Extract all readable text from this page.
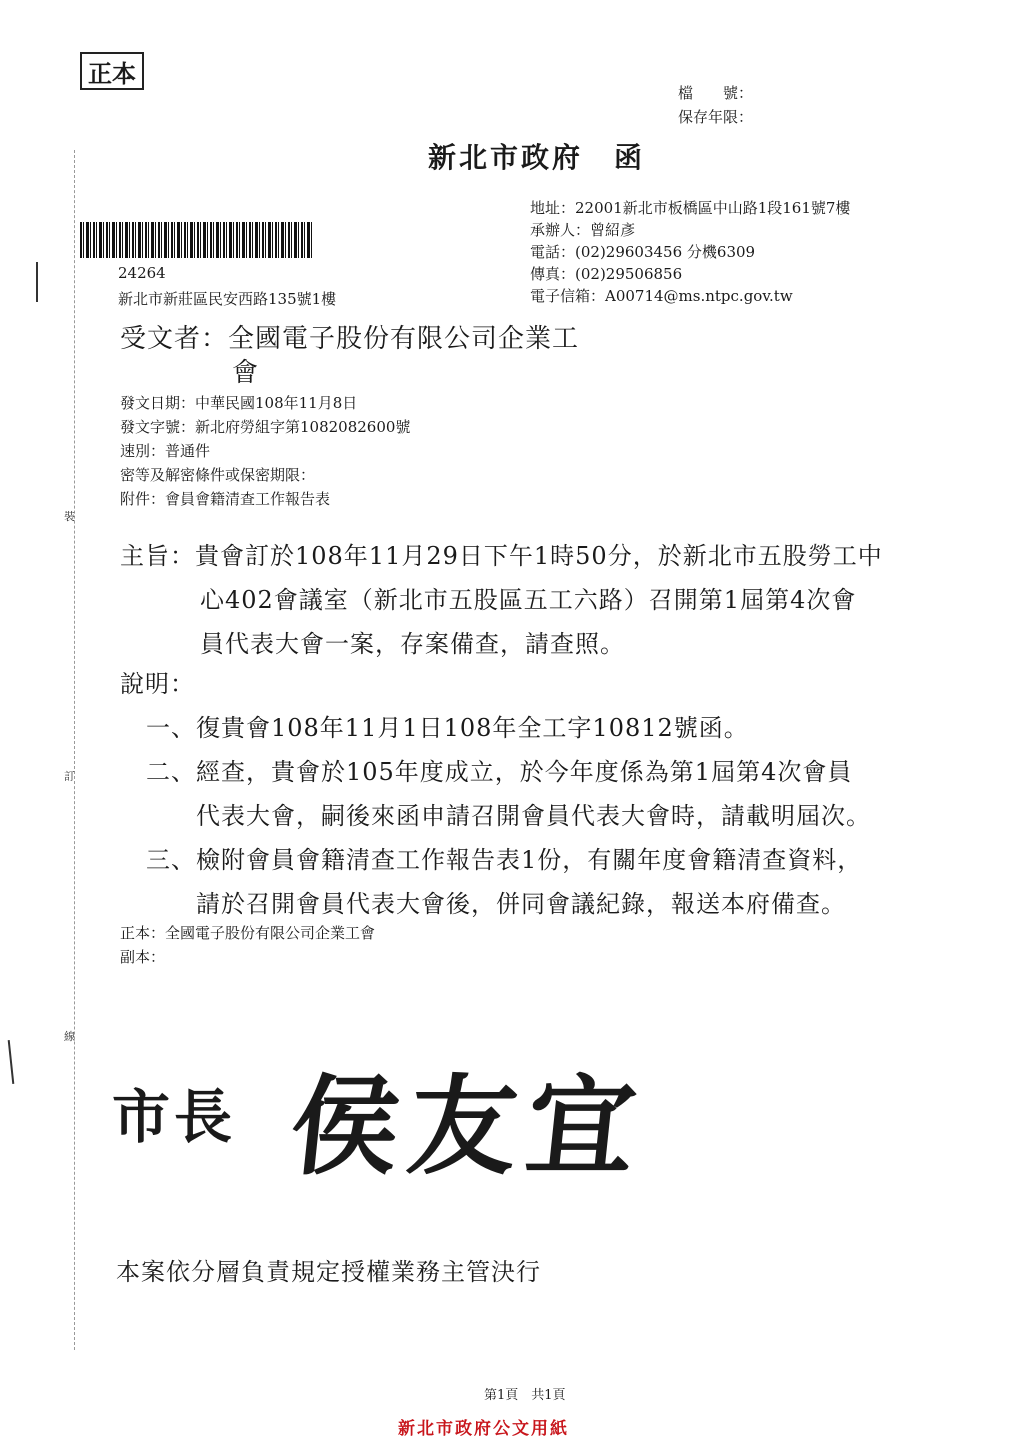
裝
訂
線
正本
檔　　號：
保存年限：
新北市政府　函
地址：22001新北市板橋區中山路1段161號7樓
承辦人：曾紹彥
電話：(02)29603456 分機6309
傳真：(02)29506856
電子信箱：A00714@ms.ntpc.gov.tw
24264
新北市新莊區民安西路135號1樓
受文者：全國電子股份有限公司企業工
會
發文日期：中華民國108年11月8日
發文字號：新北府勞組字第1082082600號
速別：普通件
密等及解密條件或保密期限：
附件：會員會籍清查工作報告表
主旨：貴會訂於108年11月29日下午1時50分，於新北市五股勞工中
心402會議室（新北市五股區五工六路）召開第1屆第4次會
員代表大會一案，存案備查，請查照。
說明：
一、復貴會108年11月1日108年全工字10812號函。
二、經查，貴會於105年度成立，於今年度係為第1屆第4次會員
代表大會，嗣後來函申請召開會員代表大會時，請載明屆次。
三、檢附會員會籍清查工作報告表1份，有關年度會籍清查資料，
請於召開會員代表大會後，併同會議紀錄，報送本府備查。
正本：全國電子股份有限公司企業工會
副本：
市長 侯友宜
本案依分層負責規定授權業務主管決行
第1頁　共1頁
新北市政府公文用紙
